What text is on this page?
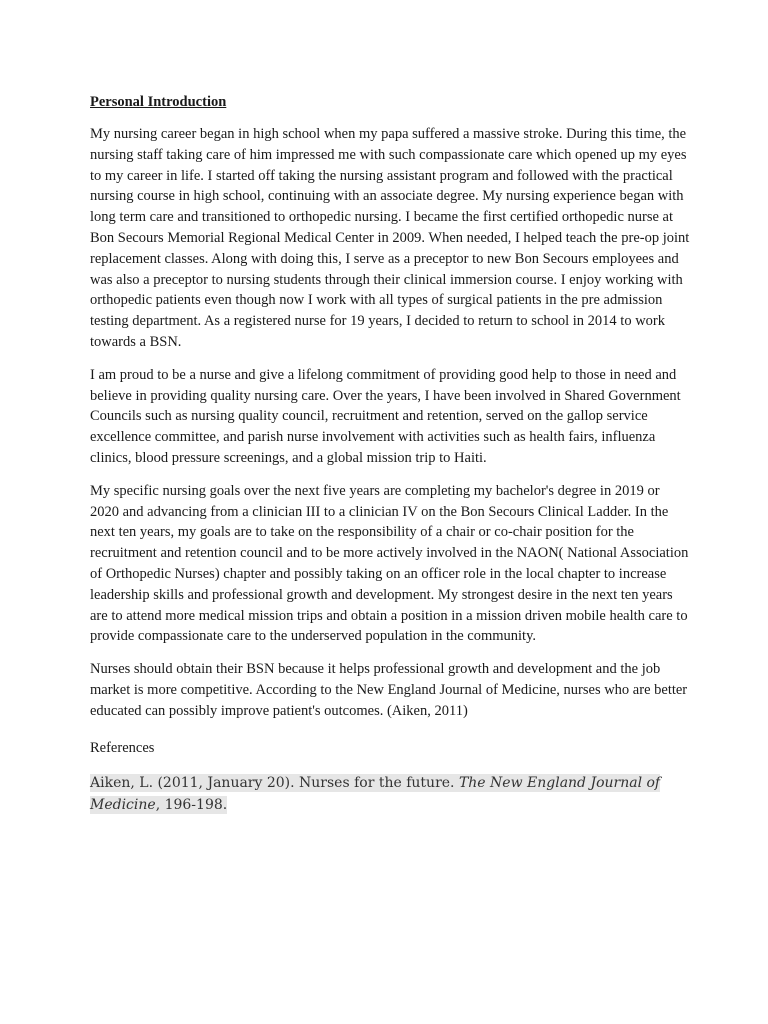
Personal Introduction

My nursing career began in high school when my papa suffered a massive stroke. During this time, the nursing staff taking care of him impressed me with such compassionate care which opened up my eyes to my career in life. I started off taking the nursing assistant program and followed with the practical nursing course in high school, continuing with an associate degree. My nursing experience began with long term care and transitioned to orthopedic nursing. I became the first certified orthopedic nurse at Bon Secours Memorial Regional Medical Center in 2009. When needed, I helped teach the pre-op joint replacement classes. Along with doing this, I serve as a preceptor to new Bon Secours employees and was also a preceptor to nursing students through their clinical immersion course. I enjoy working with orthopedic patients even though now I work with all types of surgical patients in the pre admission testing department. As a registered nurse for 19 years, I decided to return to school in 2014 to work towards a BSN.

I am proud to be a nurse and give a lifelong commitment of providing good help to those in need and believe in providing quality nursing care. Over the years, I have been involved in Shared Government Councils such as nursing quality council, recruitment and retention, served on the gallop service excellence committee, and parish nurse involvement with activities such as health fairs, influenza clinics, blood pressure screenings, and a global mission trip to Haiti.

My specific nursing goals over the next five years are completing my bachelor's degree in 2019 or 2020 and advancing from a clinician III to a clinician IV on the Bon Secours Clinical Ladder. In the next ten years, my goals are to take on the responsibility of a chair or co-chair position for the recruitment and retention council and to be more actively involved in the NAON( National Association of Orthopedic Nurses) chapter and possibly taking on an officer role in the local chapter to increase leadership skills and professional growth and development. My strongest desire in the next ten years are to attend more medical mission trips and obtain a position in a mission driven mobile health care to provide compassionate care to the underserved population in the community.

Nurses should obtain their BSN because it helps professional growth and development and the job market is more competitive. According to the New England Journal of Medicine, nurses who are better educated can possibly improve patient's outcomes. (Aiken, 2011)

References

Aiken, L. (2011, January 20). Nurses for the future. The New England Journal of Medicine, 196-198.
